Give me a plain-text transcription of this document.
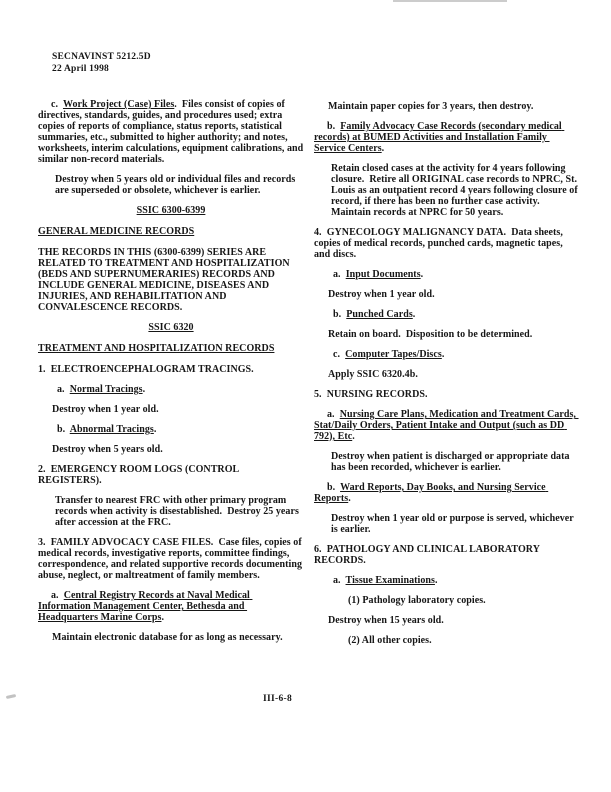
SECNAVINST 5212.5D
22 April 1998
c.  Work Project (Case) Files.  Files consist of copies of directives, standards, guides, and procedures used; extra copies of reports of compliance, status reports, statistical summaries, etc., submitted to higher authority; and notes, worksheets, interim calculations, equipment calibrations, and similar non-record materials.
Destroy when 5 years old or individual files and records are superseded or obsolete, whichever is earlier.
SSIC 6300-6399
GENERAL MEDICINE RECORDS
THE RECORDS IN THIS (6300-6399) SERIES ARE RELATED TO TREATMENT AND HOSPITALIZATION (BEDS AND SUPERNUMERARIES) RECORDS AND INCLUDE GENERAL MEDICINE, DISEASES AND INJURIES, AND REHABILITATION AND CONVALESCENCE RECORDS.
SSIC 6320
TREATMENT AND HOSPITALIZATION RECORDS
1.  ELECTROENCEPHALOGRAM TRACINGS.
a.  Normal Tracings.
Destroy when 1 year old.
b.  Abnormal Tracings.
Destroy when 5 years old.
2.  EMERGENCY ROOM LOGS (CONTROL REGISTERS).
Transfer to nearest FRC with other primary program records when activity is disestablished.  Destroy 25 years after accession at the FRC.
3.  FAMILY ADVOCACY CASE FILES.  Case files, copies of medical records, investigative reports, committee findings, correspondence, and related supportive records documenting abuse, neglect, or maltreatment of family members.
a.  Central Registry Records at Naval Medical Information Management Center, Bethesda and Headquarters Marine Corps.
Maintain electronic database for as long as necessary.
Maintain paper copies for 3 years, then destroy.
b.  Family Advocacy Case Records (secondary medical records) at BUMED Activities and Installation Family Service Centers.
Retain closed cases at the activity for 4 years following closure.  Retire all ORIGINAL case records to NPRC, St. Louis as an outpatient record 4 years following closure of record, if there has been no further case activity.  Maintain records at NPRC for 50 years.
4.  GYNECOLOGY MALIGNANCY DATA.  Data sheets, copies of medical records, punched cards, magnetic tapes, and discs.
a.  Input Documents.
Destroy when 1 year old.
b.  Punched Cards.
Retain on board.  Disposition to be determined.
c.  Computer Tapes/Discs.
Apply SSIC 6320.4b.
5.  NURSING RECORDS.
a.  Nursing Care Plans, Medication and Treatment Cards, Stat/Daily Orders, Patient Intake and Output (such as DD 792), Etc.
Destroy when patient is discharged or appropriate data has been recorded, whichever is earlier.
b.  Ward Reports, Day Books, and Nursing Service Reports.
Destroy when 1 year old or purpose is served, whichever is earlier.
6.  PATHOLOGY AND CLINICAL LABORATORY RECORDS.
a.  Tissue Examinations.
(1) Pathology laboratory copies.
Destroy when 15 years old.
(2) All other copies.
III-6-8
